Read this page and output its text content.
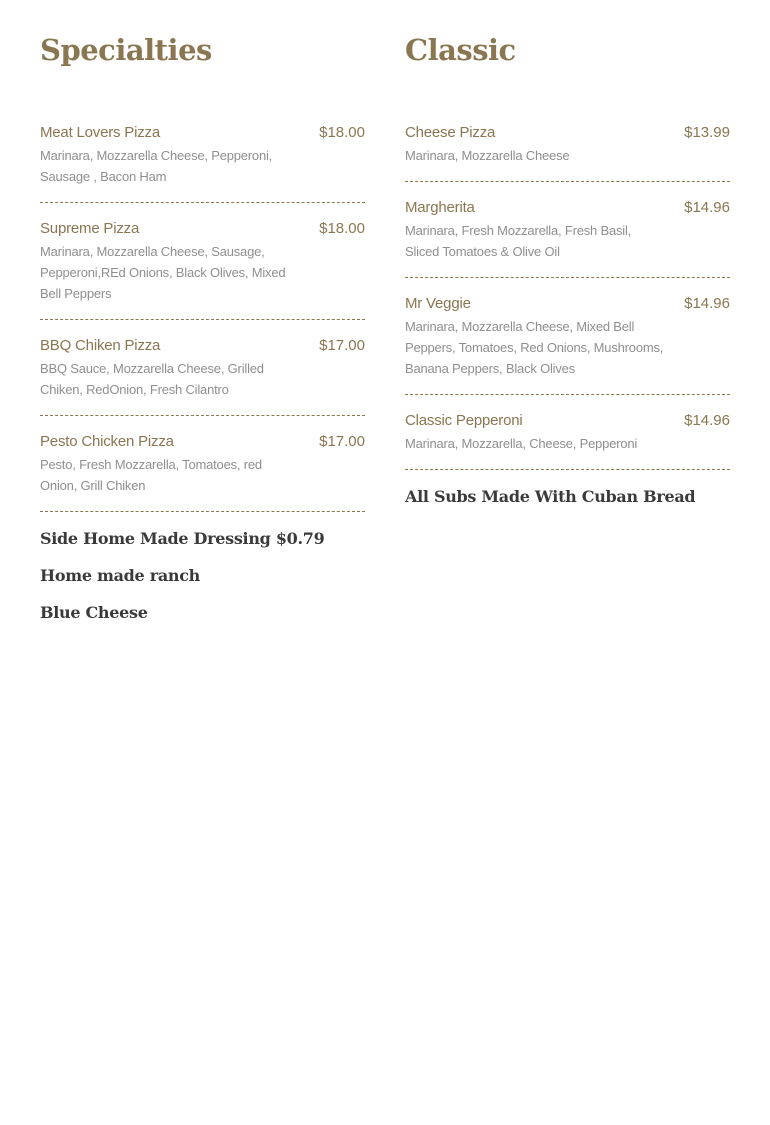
Specialties
Meat Lovers Pizza	$18.00
Marinara, Mozzarella Cheese, Pepperoni, Sausage , Bacon Ham
Supreme Pizza	$18.00
Marinara, Mozzarella Cheese, Sausage, Pepperoni,REd Onions, Black Olives, Mixed Bell Peppers
BBQ Chiken Pizza	$17.00
BBQ Sauce, Mozzarella Cheese, Grilled Chiken, RedOnion, Fresh Cilantro
Pesto Chicken Pizza	$17.00
Pesto, Fresh Mozzarella, Tomatoes, red Onion, Grill Chiken
Side Home Made Dressing $0.79
Home made ranch
Blue Cheese
Classic
Cheese Pizza	$13.99
Marinara, Mozzarella Cheese
Margherita	$14.96
Marinara, Fresh Mozzarella, Fresh Basil, Sliced Tomatoes & Olive Oil
Mr Veggie	$14.96
Marinara, Mozzarella Cheese, Mixed Bell Peppers, Tomatoes, Red Onions, Mushrooms, Banana Peppers, Black Olives
Classic Pepperoni	$14.96
Marinara, Mozzarella, Cheese, Pepperoni
All Subs Made With Cuban Bread
